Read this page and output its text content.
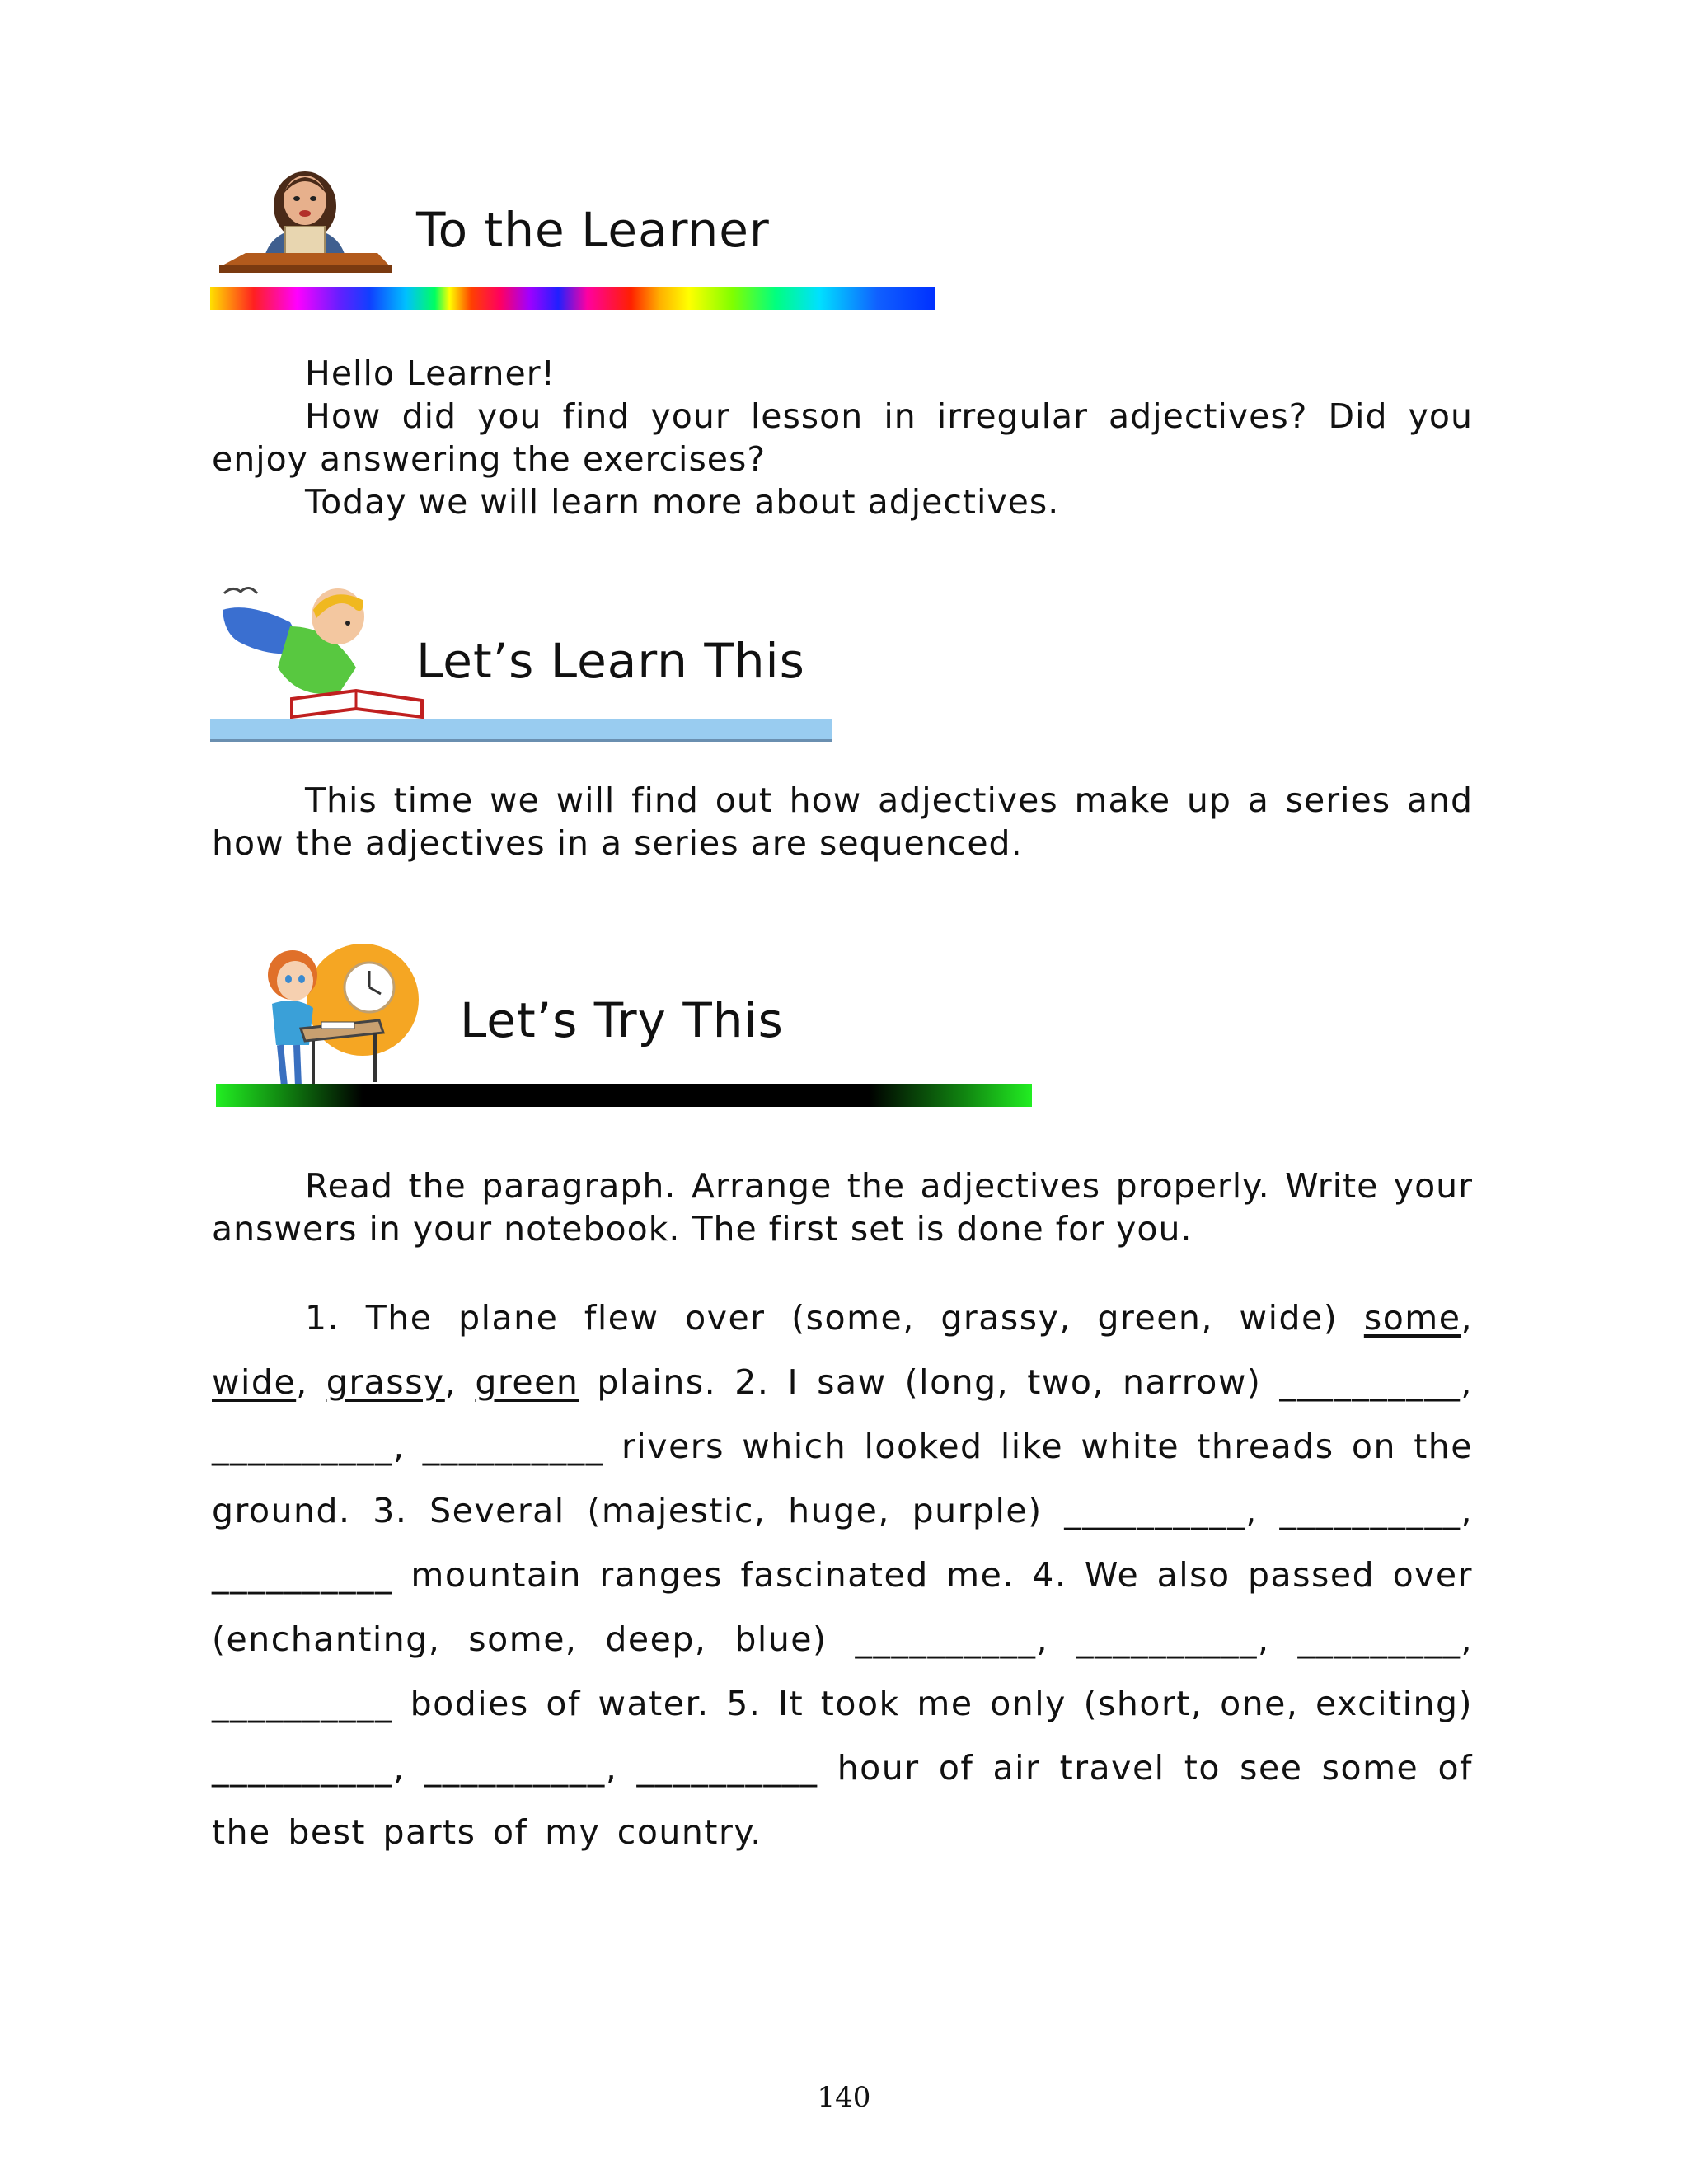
To the Learner

Hello Learner!

How did you find your lesson in irregular adjectives? Did you enjoy answering the exercises?

Today we will learn more about adjectives.

Let’s Learn This
This time we will find out how adjectives make up a series and how the adjectives in a series are sequenced.
Let’s Try This
Read the paragraph. Arrange the adjectives properly. Write your answers in your notebook. The first set is done for you.
1. The plane flew over (some, grassy, green, wide) some, wide, grassy, green plains. 2. I saw (long, two, narrow) __________, __________, __________ rivers which looked like white threads on the ground. 3. Several (majestic, huge, purple) __________, __________, __________ mountain ranges fascinated me. 4. We also passed over (enchanting, some, deep, blue) __________, __________, _________, __________ bodies of water. 5. It took me only (short, one, exciting) __________, __________, __________ hour of air travel to see some of the best parts of my country.
140
